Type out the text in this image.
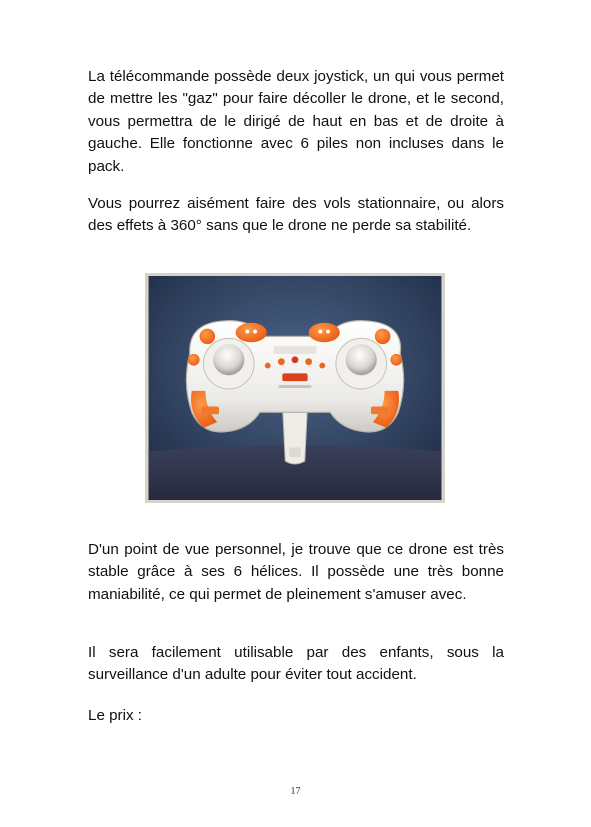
La télécommande possède deux joystick, un qui vous permet de mettre les "gaz" pour faire décoller le drone, et le second, vous permettra de le dirigé de haut en bas et de droite à gauche. Elle fonctionne avec 6 piles non incluses dans le pack.

Vous pourrez aisément faire des vols stationnaire, ou alors des effets à 360° sans que le drone ne perde sa stabilité.

D'un point de vue personnel, je trouve que ce drone est très stable grâce à ses 6 hélices. Il possède une très bonne maniabilité, ce qui permet de pleinement s'amuser avec.

Il sera facilement utilisable par des enfants, sous la surveillance d'un adulte pour éviter tout accident.

Le prix :

17
